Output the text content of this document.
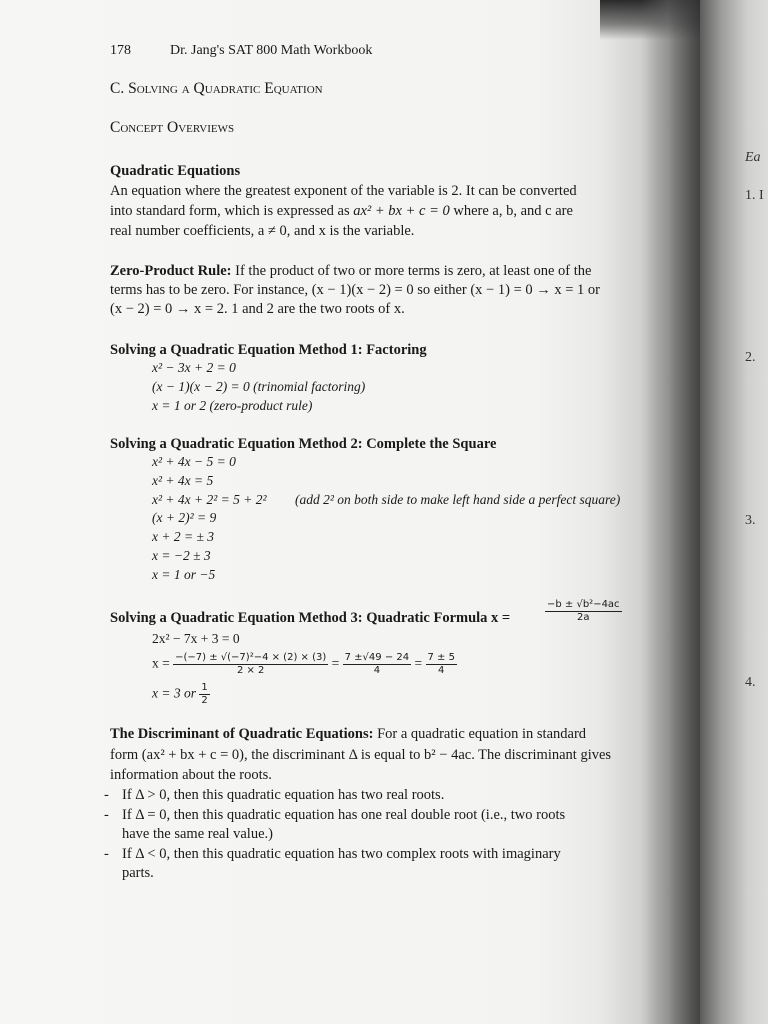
Ea
1. I
2.
3.
4.
178	Dr. Jang's SAT 800 Math Workbook
C. Solving a Quadratic Equation
Concept Overviews
Quadratic Equations
An equation where the greatest exponent of the variable is 2. It can be converted
into standard form, which is expressed as ax² + bx + c = 0 where a, b, and c are
real number coefficients, a ≠ 0, and x is the variable.
Zero-Product Rule: If the product of two or more terms is zero, at least one of the
terms has to be zero. For instance, (x − 1)(x − 2) = 0 so either (x − 1) = 0 → x = 1 or
(x − 2) = 0 → x = 2. 1 and 2 are the two roots of x.
Solving a Quadratic Equation Method 1: Factoring
x² − 3x + 2 = 0
(x − 1)(x − 2) = 0 (trinomial factoring)
x = 1 or 2 (zero-product rule)
Solving a Quadratic Equation Method 2: Complete the Square
x² + 4x − 5 = 0
x² + 4x = 5
x² + 4x + 2² = 5 + 2² (add 2² on both side to make left hand side a perfect square)
(x + 2)² = 9
x + 2 = ± 3
x = −2 ± 3
x = 1 or −5
Solving a Quadratic Equation Method 3: Quadratic Formula x =	$\frac{\text{−b ± √b²−4ac}}{2a}$
2x² − 7x + 3 = 0
$x = \frac{\text{−(−7) ± √(−7)²−4 × (2) × (3)}}{2 \times 2} = \frac{7 \pm√49 - 24}{4} = \frac{7 \pm 5}{4}$
x = 3 or $\frac{1}{2}$
The Discriminant of Quadratic Equations: For a quadratic equation in standard
form (ax² + bx + c = 0), the discriminant Δ is equal to b² − 4ac. The discriminant gives
information about the roots.
- If Δ > 0, then this quadratic equation has two real roots.
- If Δ = 0, then this quadratic equation has one real double root (i.e., two roots
have the same real value.)
- If Δ < 0, then this quadratic equation has two complex roots with imaginary
parts.
